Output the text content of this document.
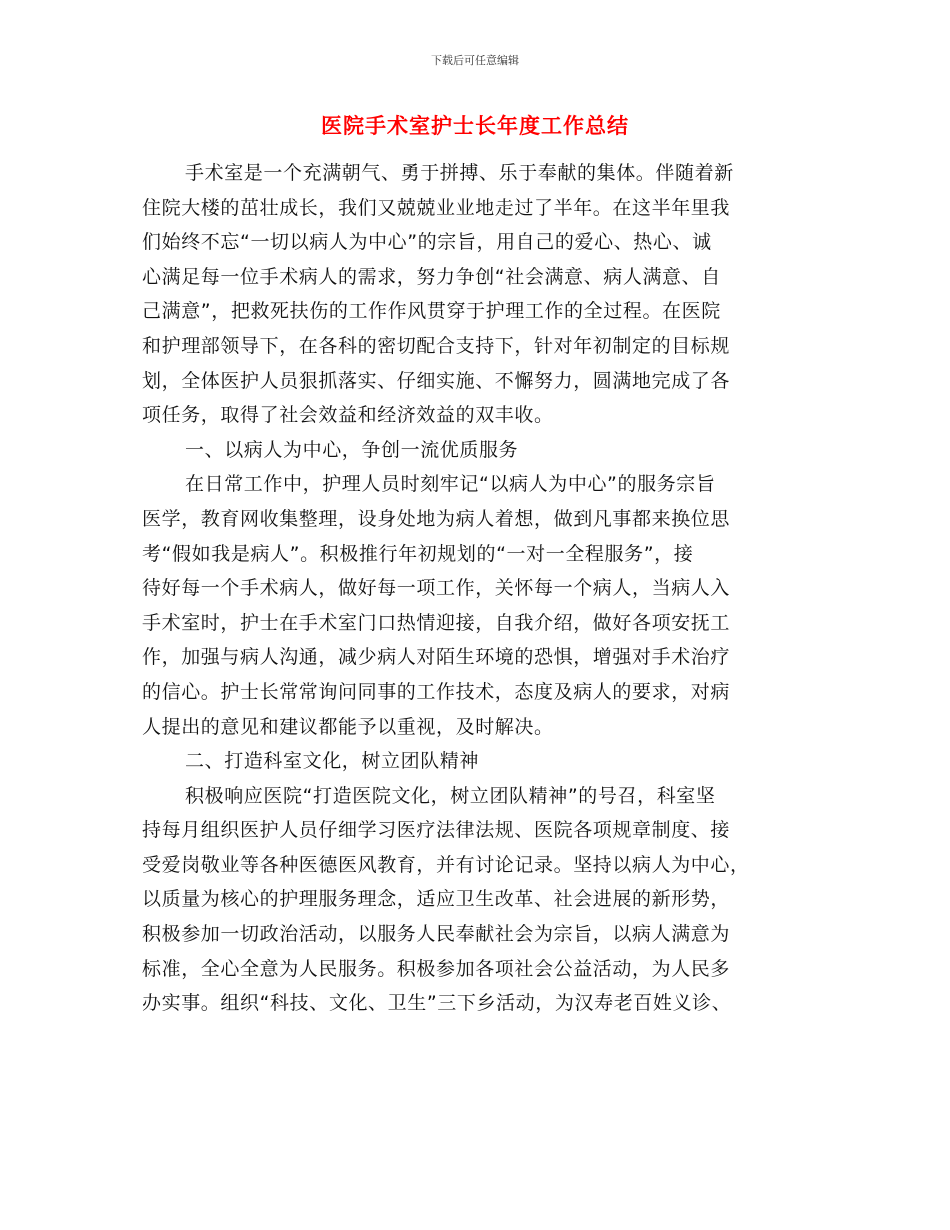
下载后可任意编辑
医院手术室护士长年度工作总结
手术室是一个充满朝气、勇于拼搏、乐于奉献的集体。伴随着新
住院大楼的茁壮成长，我们又兢兢业业地走过了半年。在这半年里我
们始终不忘“一切以病人为中心”的宗旨，用自己的爱心、热心、诚
心满足每一位手术病人的需求，努力争创“社会满意、病人满意、自
己满意”，把救死扶伤的工作作风贯穿于护理工作的全过程。在医院
和护理部领导下，在各科的密切配合支持下，针对年初制定的目标规
划，全体医护人员狠抓落实、仔细实施、不懈努力，圆满地完成了各
项任务，取得了社会效益和经济效益的双丰收。
一、以病人为中心，争创一流优质服务
在日常工作中，护理人员时刻牢记“以病人为中心”的服务宗旨
医学，教育网收集整理，设身处地为病人着想，做到凡事都来换位思
考“假如我是病人”。积极推行年初规划的“一对一全程服务”，接
待好每一个手术病人，做好每一项工作，关怀每一个病人，当病人入
手术室时，护士在手术室门口热情迎接，自我介绍，做好各项安抚工
作，加强与病人沟通，减少病人对陌生环境的恐惧，增强对手术治疗
的信心。护士长常常询问同事的工作技术，态度及病人的要求，对病
人提出的意见和建议都能予以重视，及时解决。
二、打造科室文化，树立团队精神
积极响应医院“打造医院文化，树立团队精神”的号召，科室坚
持每月组织医护人员仔细学习医疗法律法规、医院各项规章制度、接
受爱岗敬业等各种医德医风教育，并有讨论记录。坚持以病人为中心，
以质量为核心的护理服务理念，适应卫生改革、社会进展的新形势，
积极参加一切政治活动，以服务人民奉献社会为宗旨，以病人满意为
标准，全心全意为人民服务。积极参加各项社会公益活动，为人民多
办实事。组织“科技、文化、卫生”三下乡活动，为汉寿老百姓义诊、
